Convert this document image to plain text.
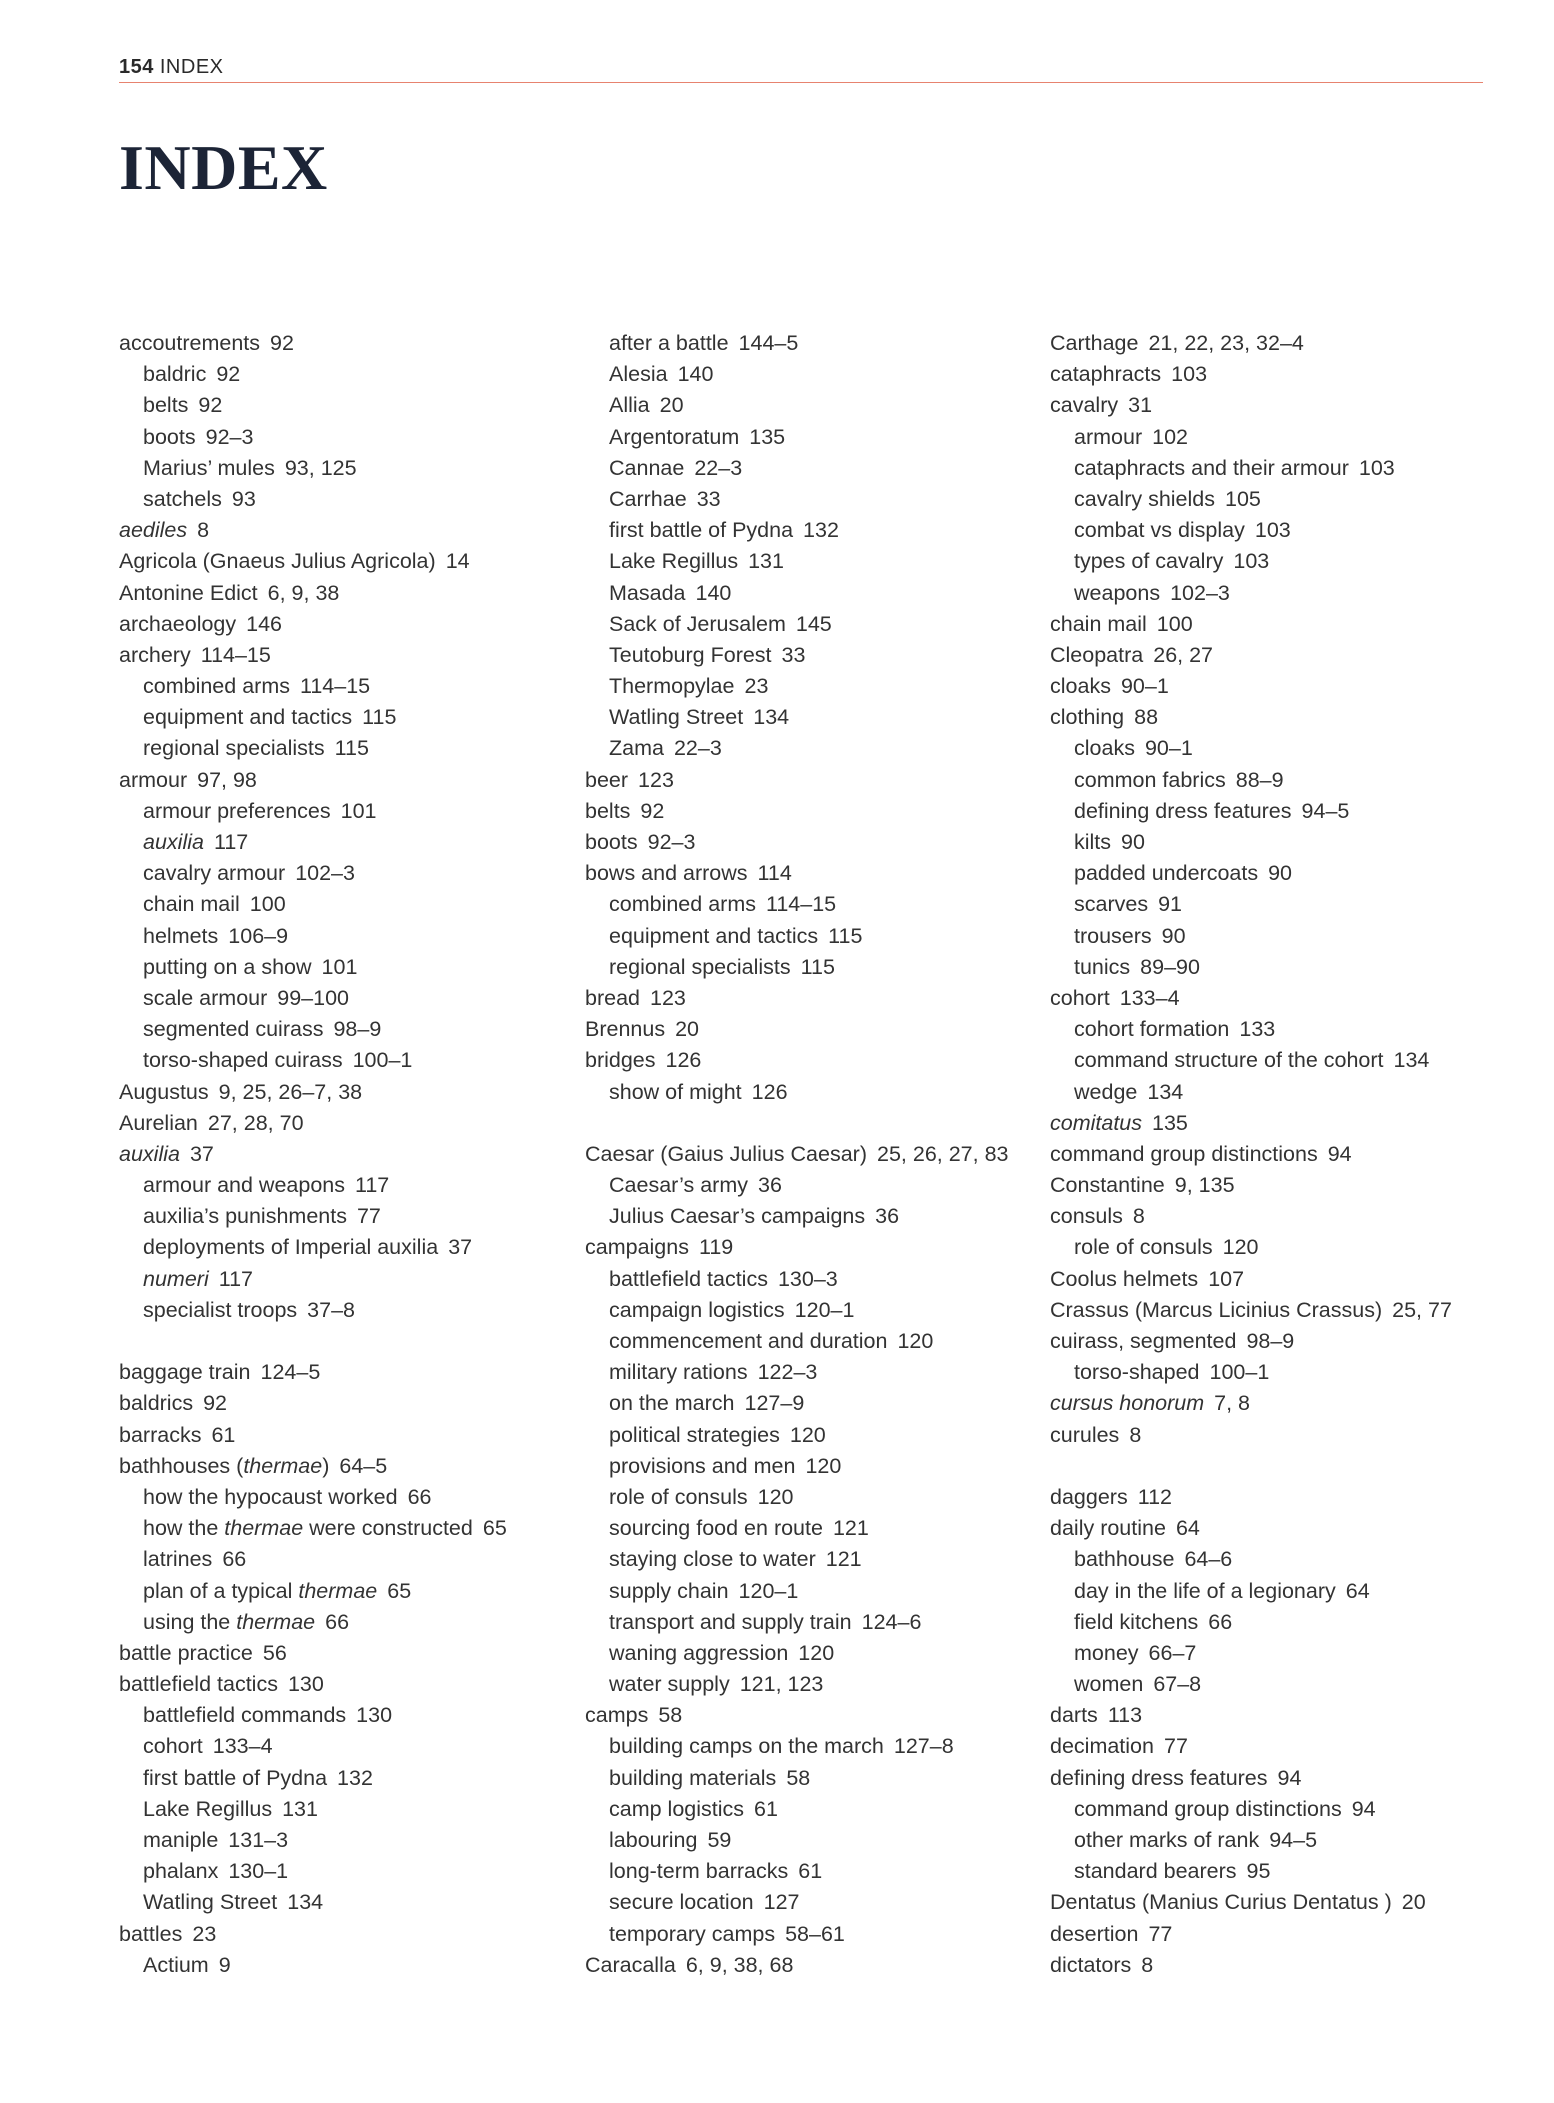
154 INDEX
INDEX
accoutrements 92
baldric 92
belts 92
boots 92–3
Marius’ mules 93, 125
satchels 93
aediles 8
Agricola (Gnaeus Julius Agricola) 14
Antonine Edict 6, 9, 38
archaeology 146
archery 114–15
combined arms 114–15
equipment and tactics 115
regional specialists 115
armour 97, 98
armour preferences 101
auxilia 117
cavalry armour 102–3
chain mail 100
helmets 106–9
putting on a show 101
scale armour 99–100
segmented cuirass 98–9
torso-shaped cuirass 100–1
Augustus 9, 25, 26–7, 38
Aurelian 27, 28, 70
auxilia 37
armour and weapons 117
auxilia’s punishments 77
deployments of Imperial auxilia 37
numeri 117
specialist troops 37–8
baggage train 124–5
baldrics 92
barracks 61
bathhouses (thermae) 64–5
how the hypocaust worked 66
how the thermae were constructed 65
latrines 66
plan of a typical thermae 65
using the thermae 66
battle practice 56
battlefield tactics 130
battlefield commands 130
cohort 133–4
first battle of Pydna 132
Lake Regillus 131
maniple 131–3
phalanx 130–1
Watling Street 134
battles 23
Actium 9
after a battle 144–5
Alesia 140
Allia 20
Argentoratum 135
Cannae 22–3
Carrhae 33
first battle of Pydna 132
Lake Regillus 131
Masada 140
Sack of Jerusalem 145
Teutoburg Forest 33
Thermopylae 23
Watling Street 134
Zama 22–3
beer 123
belts 92
boots 92–3
bows and arrows 114
combined arms 114–15
equipment and tactics 115
regional specialists 115
bread 123
Brennus 20
bridges 126
show of might 126
Caesar (Gaius Julius Caesar) 25, 26, 27, 83
Caesar’s army 36
Julius Caesar’s campaigns 36
campaigns 119
battlefield tactics 130–3
campaign logistics 120–1
commencement and duration 120
military rations 122–3
on the march 127–9
political strategies 120
provisions and men 120
role of consuls 120
sourcing food en route 121
staying close to water 121
supply chain 120–1
transport and supply train 124–6
waning aggression 120
water supply 121, 123
camps 58
building camps on the march 127–8
building materials 58
camp logistics 61
labouring 59
long-term barracks 61
secure location 127
temporary camps 58–61
Caracalla 6, 9, 38, 68
Carthage 21, 22, 23, 32–4
cataphracts 103
cavalry 31
armour 102
cataphracts and their armour 103
cavalry shields 105
combat vs display 103
types of cavalry 103
weapons 102–3
chain mail 100
Cleopatra 26, 27
cloaks 90–1
clothing 88
cloaks 90–1
common fabrics 88–9
defining dress features 94–5
kilts 90
padded undercoats 90
scarves 91
trousers 90
tunics 89–90
cohort 133–4
cohort formation 133
command structure of the cohort 134
wedge 134
comitatus 135
command group distinctions 94
Constantine 9, 135
consuls 8
role of consuls 120
Coolus helmets 107
Crassus (Marcus Licinius Crassus) 25, 77
cuirass, segmented 98–9
torso-shaped 100–1
cursus honorum 7, 8
curules 8
daggers 112
daily routine 64
bathhouse 64–6
day in the life of a legionary 64
field kitchens 66
money 66–7
women 67–8
darts 113
decimation 77
defining dress features 94
command group distinctions 94
other marks of rank 94–5
standard bearers 95
Dentatus (Manius Curius Dentatus ) 20
desertion 77
dictators 8
